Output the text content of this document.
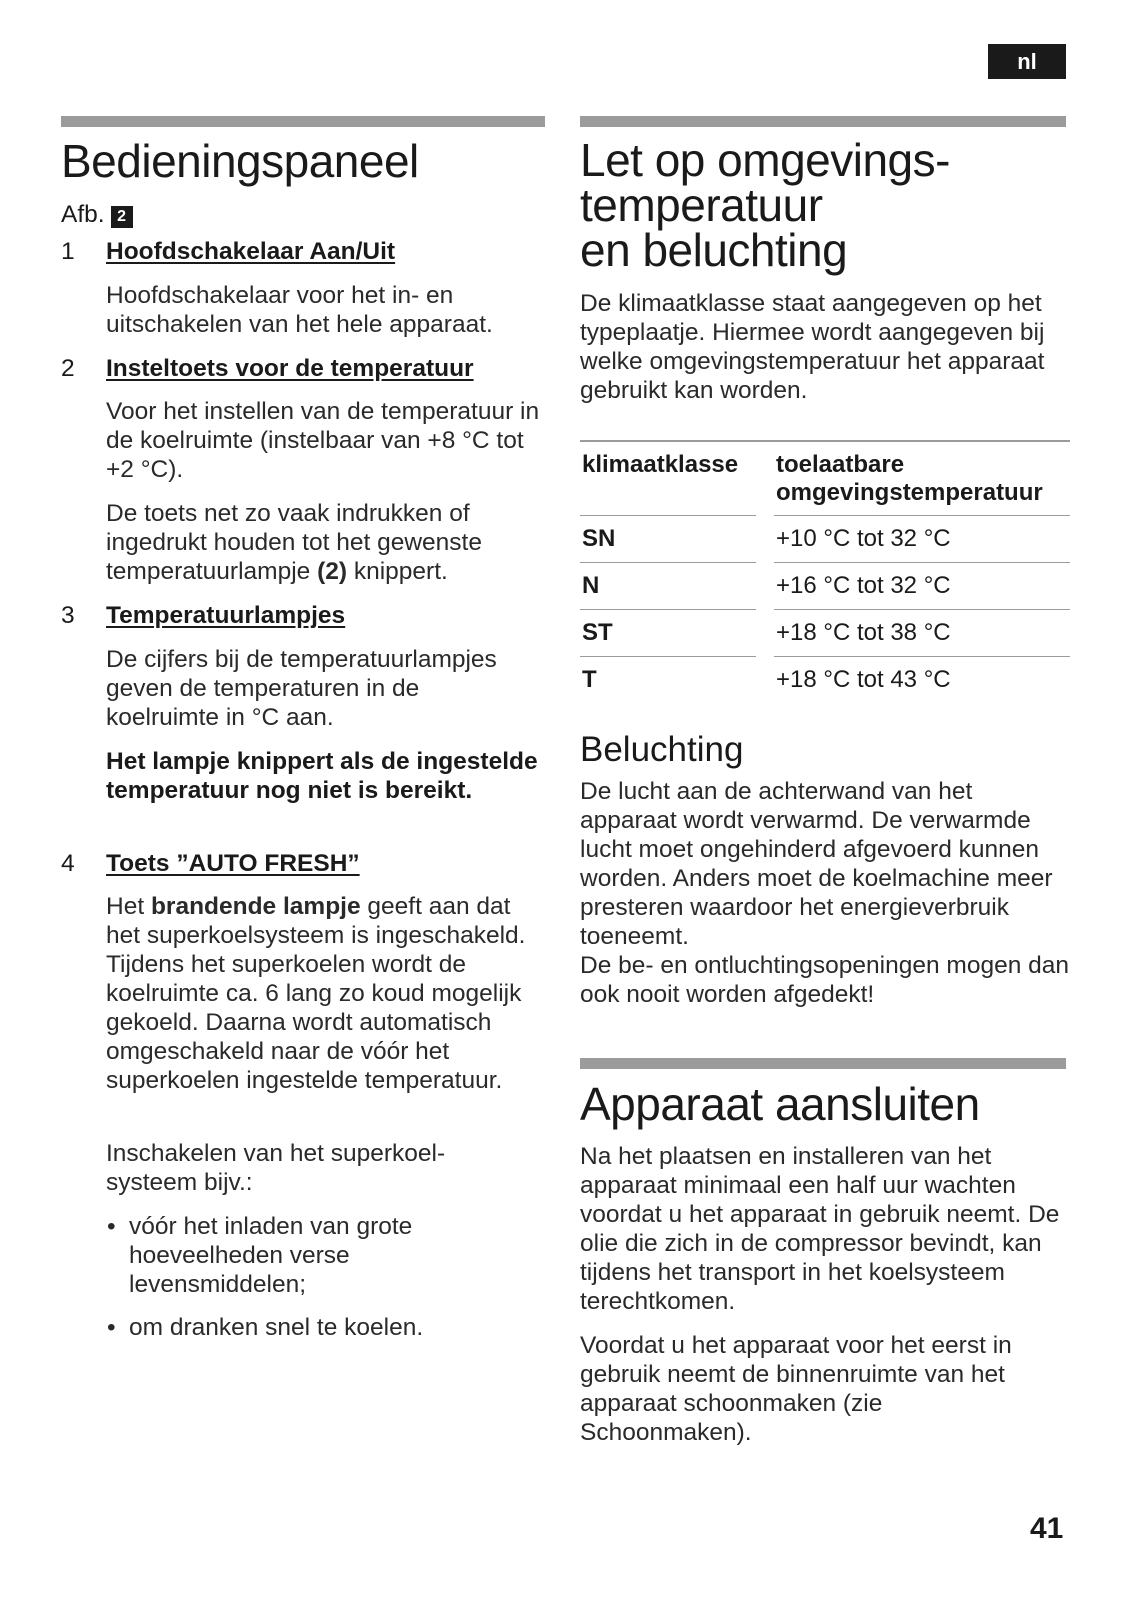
nl
Bedieningspaneel
Afb. 2
1 Hoofdschakelaar Aan/Uit
Hoofdschakelaar voor het in- en uitschakelen van het hele apparaat.
2 Insteltoets voor de temperatuur
Voor het instellen van de temperatuur in de koelruimte (instelbaar van +8 °C tot +2 °C).
De toets net zo vaak indrukken of ingedrukt houden tot het gewenste temperatuurlampje (2) knippert.
3 Temperatuurlampjes
De cijfers bij de temperatuurlampjes geven de temperaturen in de koelruimte in °C aan.
Het lampje knippert als de ingestelde temperatuur nog niet is bereikt.
4 Toets ”AUTO FRESH”
Het brandende lampje geeft aan dat het superkoelsysteem is ingeschakeld. Tijdens het superkoelen wordt de koelruimte ca. 6 lang zo koud mogelijk gekoeld. Daarna wordt automatisch omgeschakeld naar de vóór het superkoelen ingestelde temperatuur.
Inschakelen van het superkoel-systeem bijv.:
• vóór het inladen van grote hoeveelheden verse levensmiddelen;
• om dranken snel te koelen.
Let op omgevings-
temperatuur
en beluchting
De klimaatklasse staat aangegeven op het typeplaatje. Hiermee wordt aangegeven bij welke omgevingstemperatuur het apparaat gebruikt kan worden.
klimaatklasse		toelaatbare
omgevingstemperatuur

SN		+10 °C tot 32 °C
N		+16 °C tot 32 °C
ST		+18 °C tot 38 °C
T		+18 °C tot 43 °C
Beluchting
De lucht aan de achterwand van het apparaat wordt verwarmd. De verwarmde lucht moet ongehinderd afgevoerd kunnen worden. Anders moet de koelmachine meer presteren waardoor het energieverbruik toeneemt.
De be- en ontluchtingsopeningen mogen dan ook nooit worden afgedekt!
Apparaat aansluiten
Na het plaatsen en installeren van het apparaat minimaal een half uur wachten voordat u het apparaat in gebruik neemt. De olie die zich in de compressor bevindt, kan tijdens het transport in het koelsysteem terechtkomen.
Voordat u het apparaat voor het eerst in gebruik neemt de binnenruimte van het apparaat schoonmaken (zie Schoonmaken).
41
